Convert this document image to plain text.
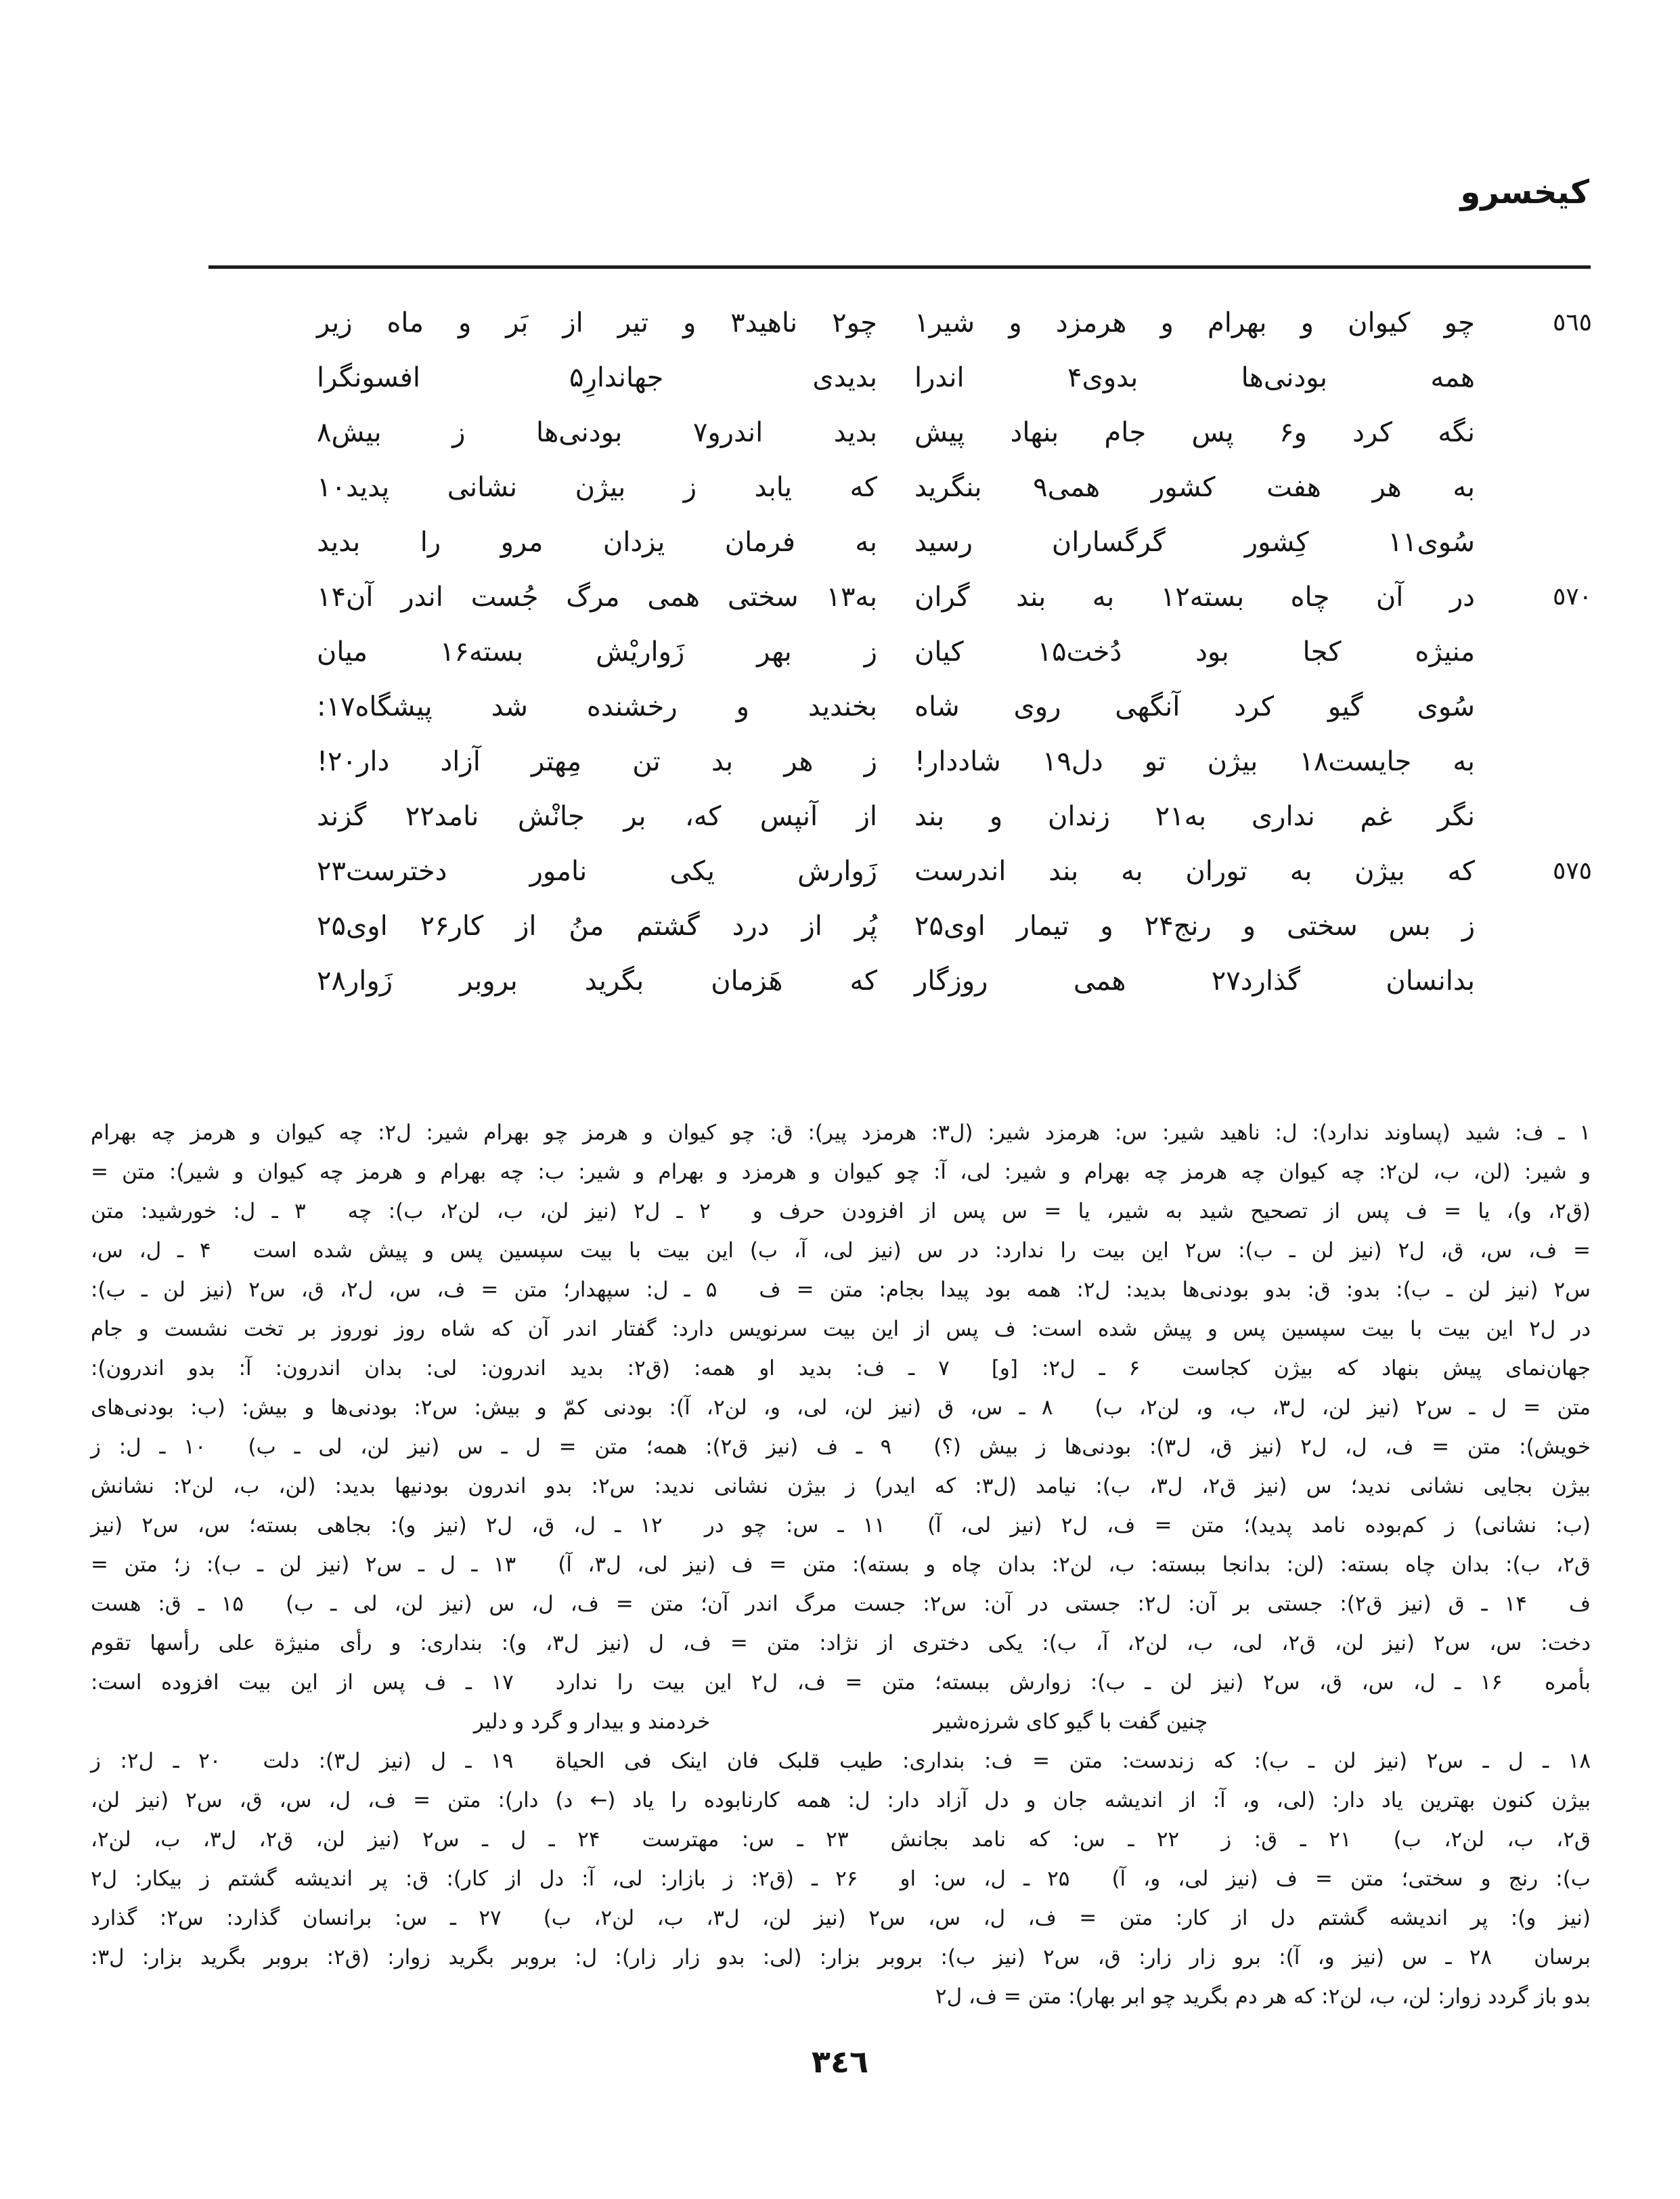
کیخسرو
٥٦٥
چو کیوان و بهرام و هرمزد و شیر۱
چو۲ ناهید۳ و تیر از بَر و ماه زیر
همه بودنی‌ها بدوی۴ اندرا
بدیدی جهاندارِ۵ افسونگرا
نگه کرد و۶ پس جام بنهاد پیش
بدید اندرو۷ بودنی‌ها ز بیش۸
به هر هفت کشور همی۹ بنگرید
که یابد ز بیژن نشانی پدید۱۰
سُوی۱۱ کِشور گرگساران رسید
به فرمان یزدان مرو را بدید
٥٧٠
در آن چاه بسته۱۲ به بند گران
به۱۳ سختی همی مرگ جُست اندر آن۱۴
منیژه کجا بود دُخت۱۵ کیان
ز بهر زَواریْش بسته۱۶ میان
سُوی گیو کرد آنگهی روی شاه
بخندید و رخشنده شد پیشگاه۱۷:
به جایست۱۸ بیژن تو دل۱۹ شاددار!
ز هر بد تن مِهتر آزاد دار۲۰!
نگر غم نداری به۲۱ زندان و بند
از آنپس که، بر جانْش نامد۲۲ گزند
٥٧٥
که بیژن به توران به بند اندرست
زَوارش یکی نامور دخترست۲۳
ز بس سختی و رنج۲۴ و تیمار اوی۲۵
پُر از درد گشتم منُ از کار۲۶ اوی۲۵
بدانسان گذارد۲۷ همی روزگار
که هَزمان بگرید بروبر زَوار۲۸
۱ ـ ف: شید (پساوند ندارد): ل: ناهید شیر: س: هرمزد شیر: (ل۳: هرمزد پیر): ق: چو کیوان و هرمز چو بهرام شیر: ل۲: چه کیوان و هرمز چه بهرام
و شیر: (لن، ب، لن۲: چه کیوان چه هرمز چه بهرام و شیر: لی، آ: چو کیوان و هرمزد و بهرام و شیر: ب: چه بهرام و هرمز چه کیوان و شیر): متن =
(ق۲، و)، یا = ف پس از تصحیح شید به شیر، یا = س پس از افزودن حرف و  ۲ ـ ل۲ (نیز لن، ب، لن۲، ب): چه  ۳ ـ ل: خورشید: متن
= ف، س، ق، ل۲ (نیز لن ـ ب): س۲ این بیت را ندارد: در س (نیز لی، آ، ب) این بیت با بیت سپسین پس و پیش شده است  ۴ ـ ل، س،
س۲ (نیز لن ـ ب): بدو: ق: بدو بودنی‌ها بدید: ل۲: همه بود پیدا بجام: متن = ف  ۵ ـ ل: سپهدار؛ متن = ف، س، ل۲، ق، س۲ (نیز لن ـ ب):
در ل۲ این بیت با بیت سپسین پس و پیش شده است: ف پس از این بیت سرنویس دارد: گفتار اندر آن که شاه روز نوروز بر تخت نشست و جام
جهان‌نمای پیش بنهاد که بیژن کجاست  ۶ ـ ل۲: [و]  ۷ ـ ف: بدید او همه: (ق۲: بدید اندرون: لی: بدان اندرون: آ: بدو اندرون):
متن = ل ـ س۲ (نیز لن، ل۳، ب، و، لن۲، ب)  ۸ ـ س، ق (نیز لن، لی، و، لن۲، آ): بودنی کمّ و بیش: س۲: بودنی‌ها و بیش: (ب: بودنی‌های
خویش): متن = ف، ل، ل۲ (نیز ق، ل۳): بودنی‌ها ز بیش (؟)  ۹ ـ ف (نیز ق۲): همه؛ متن = ل ـ س (نیز لن، لی ـ ب)  ۱۰ ـ ل: ز
بیژن بجایی نشانی ندید؛ س (نیز ق۲، ل۳، ب): نیامد (ل۳: که ایدر) ز بیژن نشانی ندید: س۲: بدو اندرون بودنیها بدید: (لن، ب، لن۲: نشانش
(ب: نشانی) ز کم‌بوده نامد پدید)؛ متن = ف، ل۲ (نیز لی، آ)  ۱۱ ـ س: چو در  ۱۲ ـ ل، ق، ل۲ (نیز و): بجاهی بسته؛ س، س۲ (نیز
ق۲، ب): بدان چاه بسته: (لن: بدانجا ببسته: ب، لن۲: بدان چاه و بسته): متن = ف (نیز لی، ل۳، آ)  ۱۳ ـ ل ـ س۲ (نیز لن ـ ب): ز؛ متن =
ف  ۱۴ ـ ق (نیز ق۲): جستی بر آن: ل۲: جستی در آن: س۲: جست مرگ اندر آن؛ متن = ف، ل، س (نیز لن، لی ـ ب)  ۱۵ ـ ق: هست
دخت: س، س۲ (نیز لن، ق۲، لی، ب، لن۲، آ، ب): یکی دختری از نژاد: متن = ف، ل (نیز ل۳، و): بنداری: و رأی منیژة علی رأسها تقوم
بأمره  ۱۶ ـ ل، س، ق، س۲ (نیز لن ـ ب): زوارش ببسته؛ متن = ف، ل۲ این بیت را ندارد  ۱۷ ـ ف پس از این بیت افزوده است:
چنین گفت با گیو کای شرزه‌شیر
خردمند و بیدار و گرد و دلیر
۱۸ ـ ل ـ س۲ (نیز لن ـ ب): که زندست: متن = ف: بنداری: طیب قلبک فان اینک فی الحیاة  ۱۹ ـ ل (نیز ل۳): دلت  ۲۰ ـ ل۲: ز
بیژن کنون بهترین یاد دار: (لی، و، آ: از اندیشه جان و دل آزاد دار: ل: همه کارنابوده را یاد (← د) دار): متن = ف، ل، س، ق، س۲ (نیز لن،
ق۲، ب، لن۲، ب)  ۲۱ ـ ق: ز  ۲۲ ـ س: که نامد بجانش  ۲۳ ـ س: مهترست  ۲۴ ـ ل ـ س۲ (نیز لن، ق۲، ل۳، ب، لن۲،
ب): رنج و سختی؛ متن = ف (نیز لی، و، آ)  ۲۵ ـ ل، س: او  ۲۶ ـ (ق۲: ز بازار: لی، آ: دل از کار): ق: پر اندیشه گشتم ز بیکار: ل۲
(نیز و): پر اندیشه گشتم دل از کار: متن = ف، ل، س، س۲ (نیز لن، ل۳، ب، لن۲، ب)  ۲۷ ـ س: برانسان گذارد: س۲: گذارد
برسان  ۲۸ ـ س (نیز و، آ): برو زار زار: ق، س۲ (نیز ب): بروبر بزار: (لی: بدو زار زار): ل: بروبر بگرید زوار: (ق۲: بروبر بگرید بزار: ل۳:
بدو باز گردد زوار: لن، ب، لن۲: که هر دم بگرید چو ابر بهار): متن = ف، ل۲
٣٤٦
